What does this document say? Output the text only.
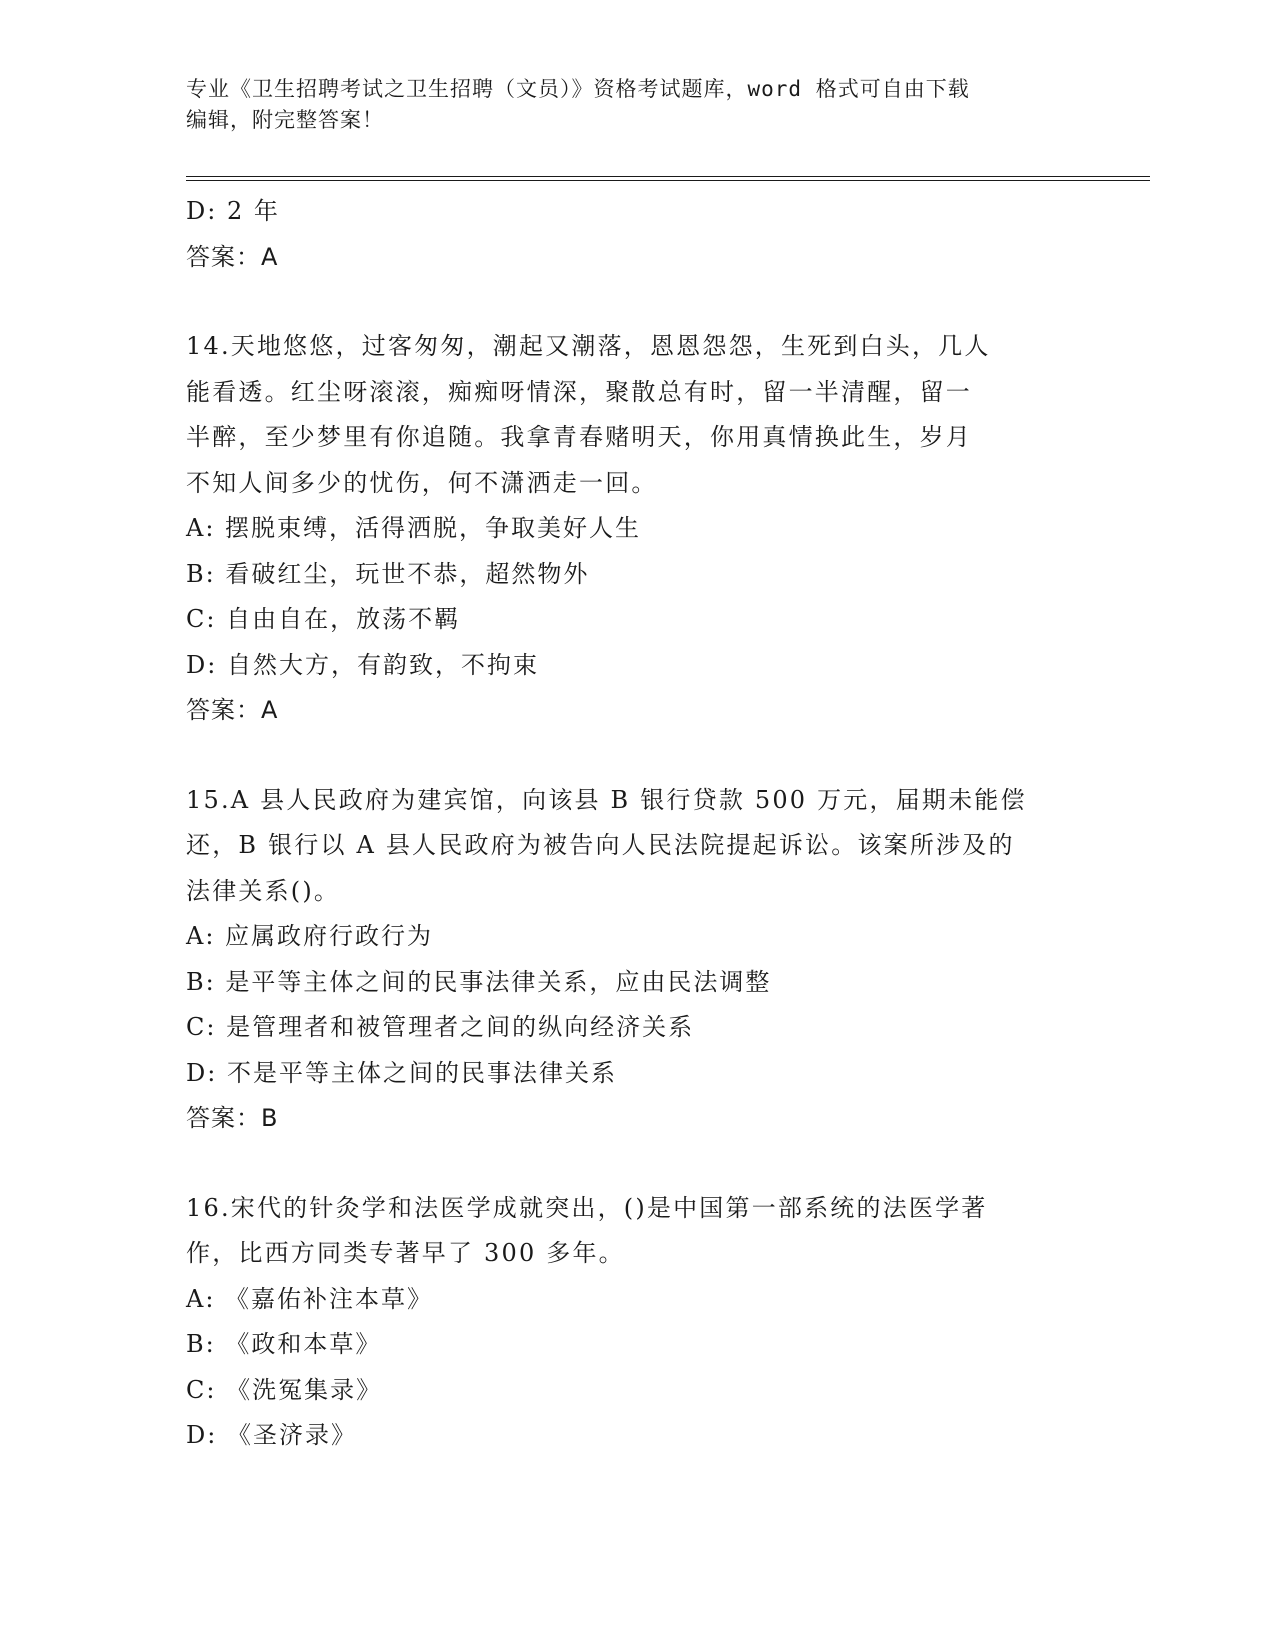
专业《卫生招聘考试之卫生招聘（文员）》资格考试题库，word 格式可自由下载
编辑，附完整答案！
D: 2 年
答案：A
14.天地悠悠，过客匆匆，潮起又潮落，恩恩怨怨，生死到白头，几人
能看透。红尘呀滚滚，痴痴呀情深，聚散总有时，留一半清醒，留一
半醉，至少梦里有你追随。我拿青春赌明天，你用真情换此生，岁月
不知人间多少的忧伤，何不潇洒走一回。
A: 摆脱束缚，活得洒脱，争取美好人生
B: 看破红尘，玩世不恭，超然物外
C: 自由自在，放荡不羁
D: 自然大方，有韵致，不拘束
答案：A
15.A 县人民政府为建宾馆，向该县 B 银行贷款 500 万元，届期未能偿
还，B 银行以 A 县人民政府为被告向人民法院提起诉讼。该案所涉及的
法律关系()。
A: 应属政府行政行为
B: 是平等主体之间的民事法律关系，应由民法调整
C: 是管理者和被管理者之间的纵向经济关系
D: 不是平等主体之间的民事法律关系
答案：B
16.宋代的针灸学和法医学成就突出，()是中国第一部系统的法医学著
作，比西方同类专著早了 300 多年。
A: 《嘉佑补注本草》
B: 《政和本草》
C: 《洗冤集录》
D: 《圣济录》
